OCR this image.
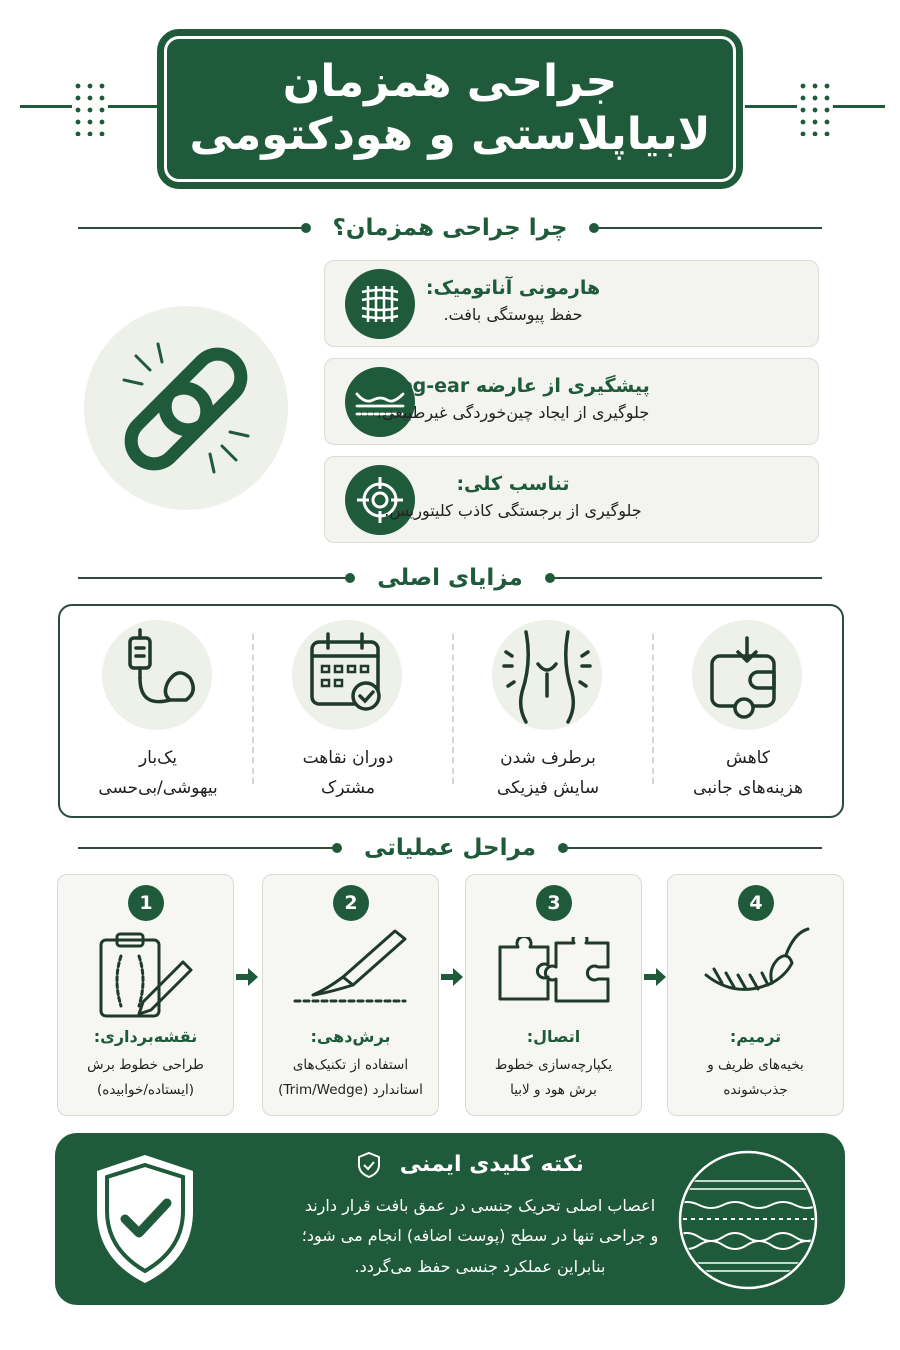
جراحی همزمان
لابیاپلاستی و هودکتومی
چرا جراحی همزمان؟
هارمونی آناتومیک:
حفظ پیوستگی بافت.
پیشگیری از عارضه Dog-ear:
جلوگیری از ایجاد چین‌خوردگی غیرطبیعی.
تناسب کلی:
جلوگیری از برجستگی کاذب کلیتوریس.
مزایای اصلی
کاهش
هزینه‌های جانبی
برطرف شدن
سایش فیزیکی
دوران نقاهت
مشترک
یک‌بار
بیهوشی/بی‌حسی
مراحل عملیاتی
1
نقشه‌برداری:
طراحی خطوط برش
(ایستاده/خوابیده)
2
برش‌دهی:
استفاده از تکنیک‌های
استاندارد (Trim/Wedge)
3
اتصال:
یکپارچه‌سازی خطوط
برش هود و لابیا
4
ترمیم:
بخیه‌های ظریف و
جذب‌شونده
نکته کلیدی ایمنی
اعصاب اصلی تحریک جنسی در عمق بافت قرار دارند
و جراحی تنها در سطح (پوست اضافه) انجام می شود؛
بنابراین عملکرد جنسی حفظ می‌گردد.
